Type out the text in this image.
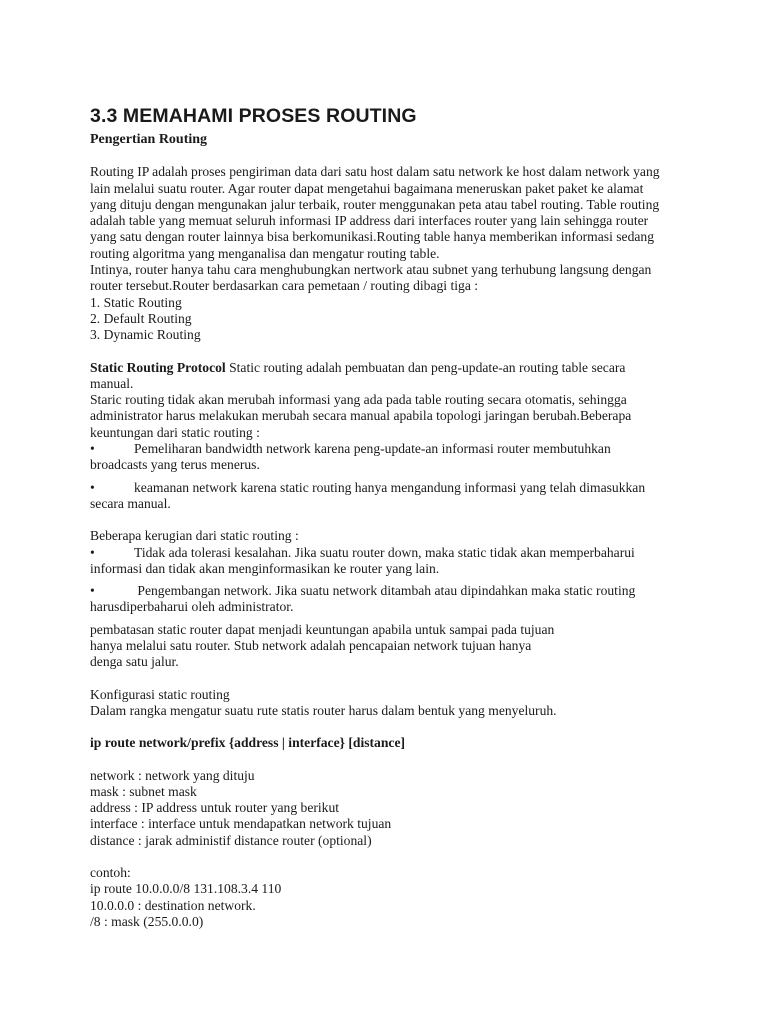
3.3 MEMAHAMI PROSES ROUTING

Pengertian Routing

Routing IP adalah proses pengiriman data dari satu host dalam satu network ke host dalam network yang
lain melalui suatu router. Agar router dapat mengetahui bagaimana meneruskan paket paket ke alamat
yang dituju dengan mengunakan jalur terbaik, router menggunakan peta atau tabel routing. Table routing
adalah table yang memuat seluruh informasi IP address dari interfaces router yang lain sehingga router
yang satu dengan router lainnya bisa berkomunikasi.Routing table hanya memberikan informasi sedang
routing algoritma yang menganalisa dan mengatur routing table.
Intinya, router hanya tahu cara menghubungkan nertwork atau subnet yang terhubung langsung dengan
router tersebut.Router berdasarkan cara pemetaan / routing dibagi tiga :
1. Static Routing
2. Default Routing
3. Dynamic Routing
Static Routing Protocol Static routing adalah pembuatan dan peng-update-an routing table secara
manual.
Staric routing tidak akan merubah informasi yang ada pada table routing secara otomatis, sehingga
administrator harus melakukan merubah secara manual apabila topologi jaringan berubah.Beberapa
keuntungan dari static routing :
•	Pemeliharan bandwidth network karena peng-update-an informasi router membutuhkan
broadcasts yang terus menerus.
•	keamanan network karena static routing hanya mengandung informasi yang telah dimasukkan
secara manual.

Beberapa kerugian dari static routing :

•	Tidak ada tolerasi kesalahan. Jika suatu router down, maka static tidak akan memperbaharui
informasi dan tidak akan menginformasikan ke router yang lain.
•	Pengembangan network. Jika suatu network ditambah atau dipindahkan maka static routing
harusdiperbaharui oleh administrator.
pembatasan static router dapat menjadi keuntungan apabila untuk sampai pada tujuan
hanya melalui satu router. Stub network adalah pencapaian network tujuan hanya
denga satu jalur.
Konfigurasi static routing
Dalam rangka mengatur suatu rute statis router harus dalam bentuk yang menyeluruh.

ip route network/prefix {address | interface} [distance]

network : network yang dituju
mask : subnet mask
address : IP address untuk router yang berikut
interface : interface untuk mendapatkan network tujuan
distance : jarak administif distance router (optional)
contoh:
ip route 10.0.0.0/8 131.108.3.4 110
10.0.0.0 : destination network.
/8 : mask (255.0.0.0)
